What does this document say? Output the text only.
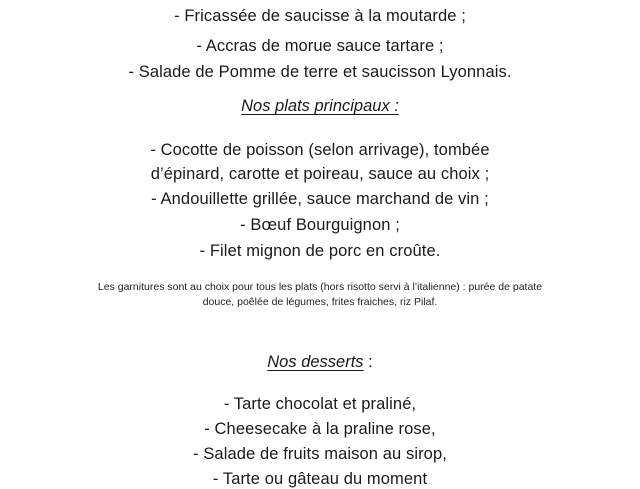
- Fricassée de saucisse à la moutarde ;
- Accras de morue sauce tartare ;
- Salade de Pomme de terre et saucisson Lyonnais.
Nos plats principaux :
- Cocotte de poisson (selon arrivage), tombée
d’épinard, carotte et poireau, sauce au choix ;
- Andouillette grillée, sauce marchand de vin ;
- Bœuf Bourguignon ;
- Filet mignon de porc en croûte.
Les garnitures sont au choix pour tous les plats (hors risotto servi à l’italienne) : purée de patate douce, poêlée de légumes, frites fraiches, riz Pilaf.
Nos desserts :
- Tarte chocolat et praliné,
- Cheesecake à la praline rose,
- Salade de fruits maison au sirop,
- Tarte ou gâteau du moment
